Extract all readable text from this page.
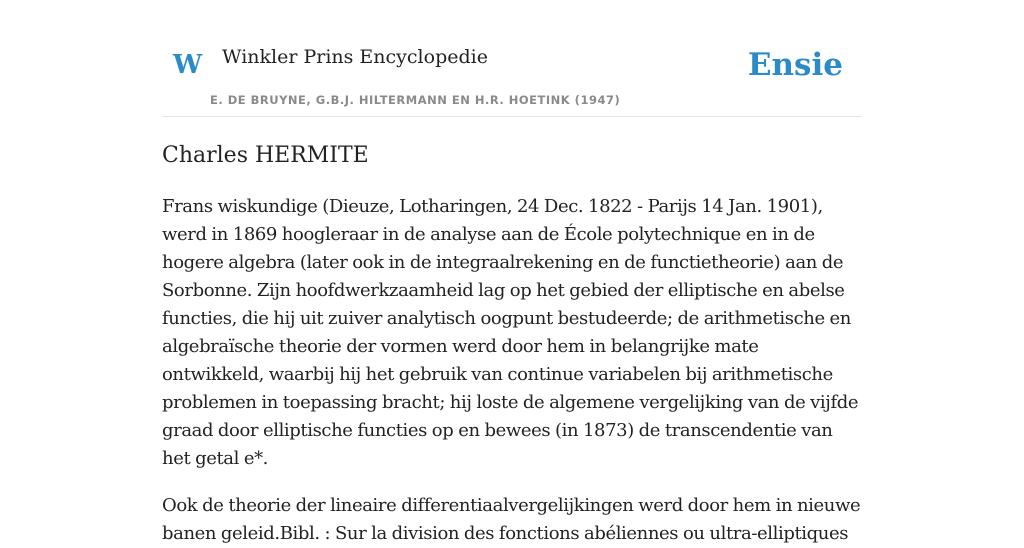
W Winkler Prins Encyclopedie
E. DE BRUYNE, G.B.J. HILTERMANN EN H.R. HOETINK (1947)
Ensie
Charles HERMITE

Frans wiskundige (Dieuze, Lotharingen, 24 Dec. 1822 - Parijs 14 Jan. 1901), werd in 1869 hoogleraar in de analyse aan de École polytechnique en in de hogere algebra (later ook in de integraalrekening en de functietheorie) aan de Sorbonne. Zijn hoofdwerkzaamheid lag op het gebied der elliptische en abelse functies, die hij uit zuiver analytisch oogpunt bestudeerde; de arithmetische en algebraïsche theorie der vormen werd door hem in belangrijke mate ontwikkeld, waarbij hij het gebruik van continue variabelen bij arithmetische problemen in toepassing bracht; hij loste de algemene vergelijking van de vijfde graad door elliptische functies op en bewees (in 1873) de transcendentie van het getal e*.

Ook de theorie der lineaire differentiaalvergelijkingen werd door hem in nieuwe banen geleid.Bibl. : Sur la division des fonctions abéliennes ou ultra-elliptiques
